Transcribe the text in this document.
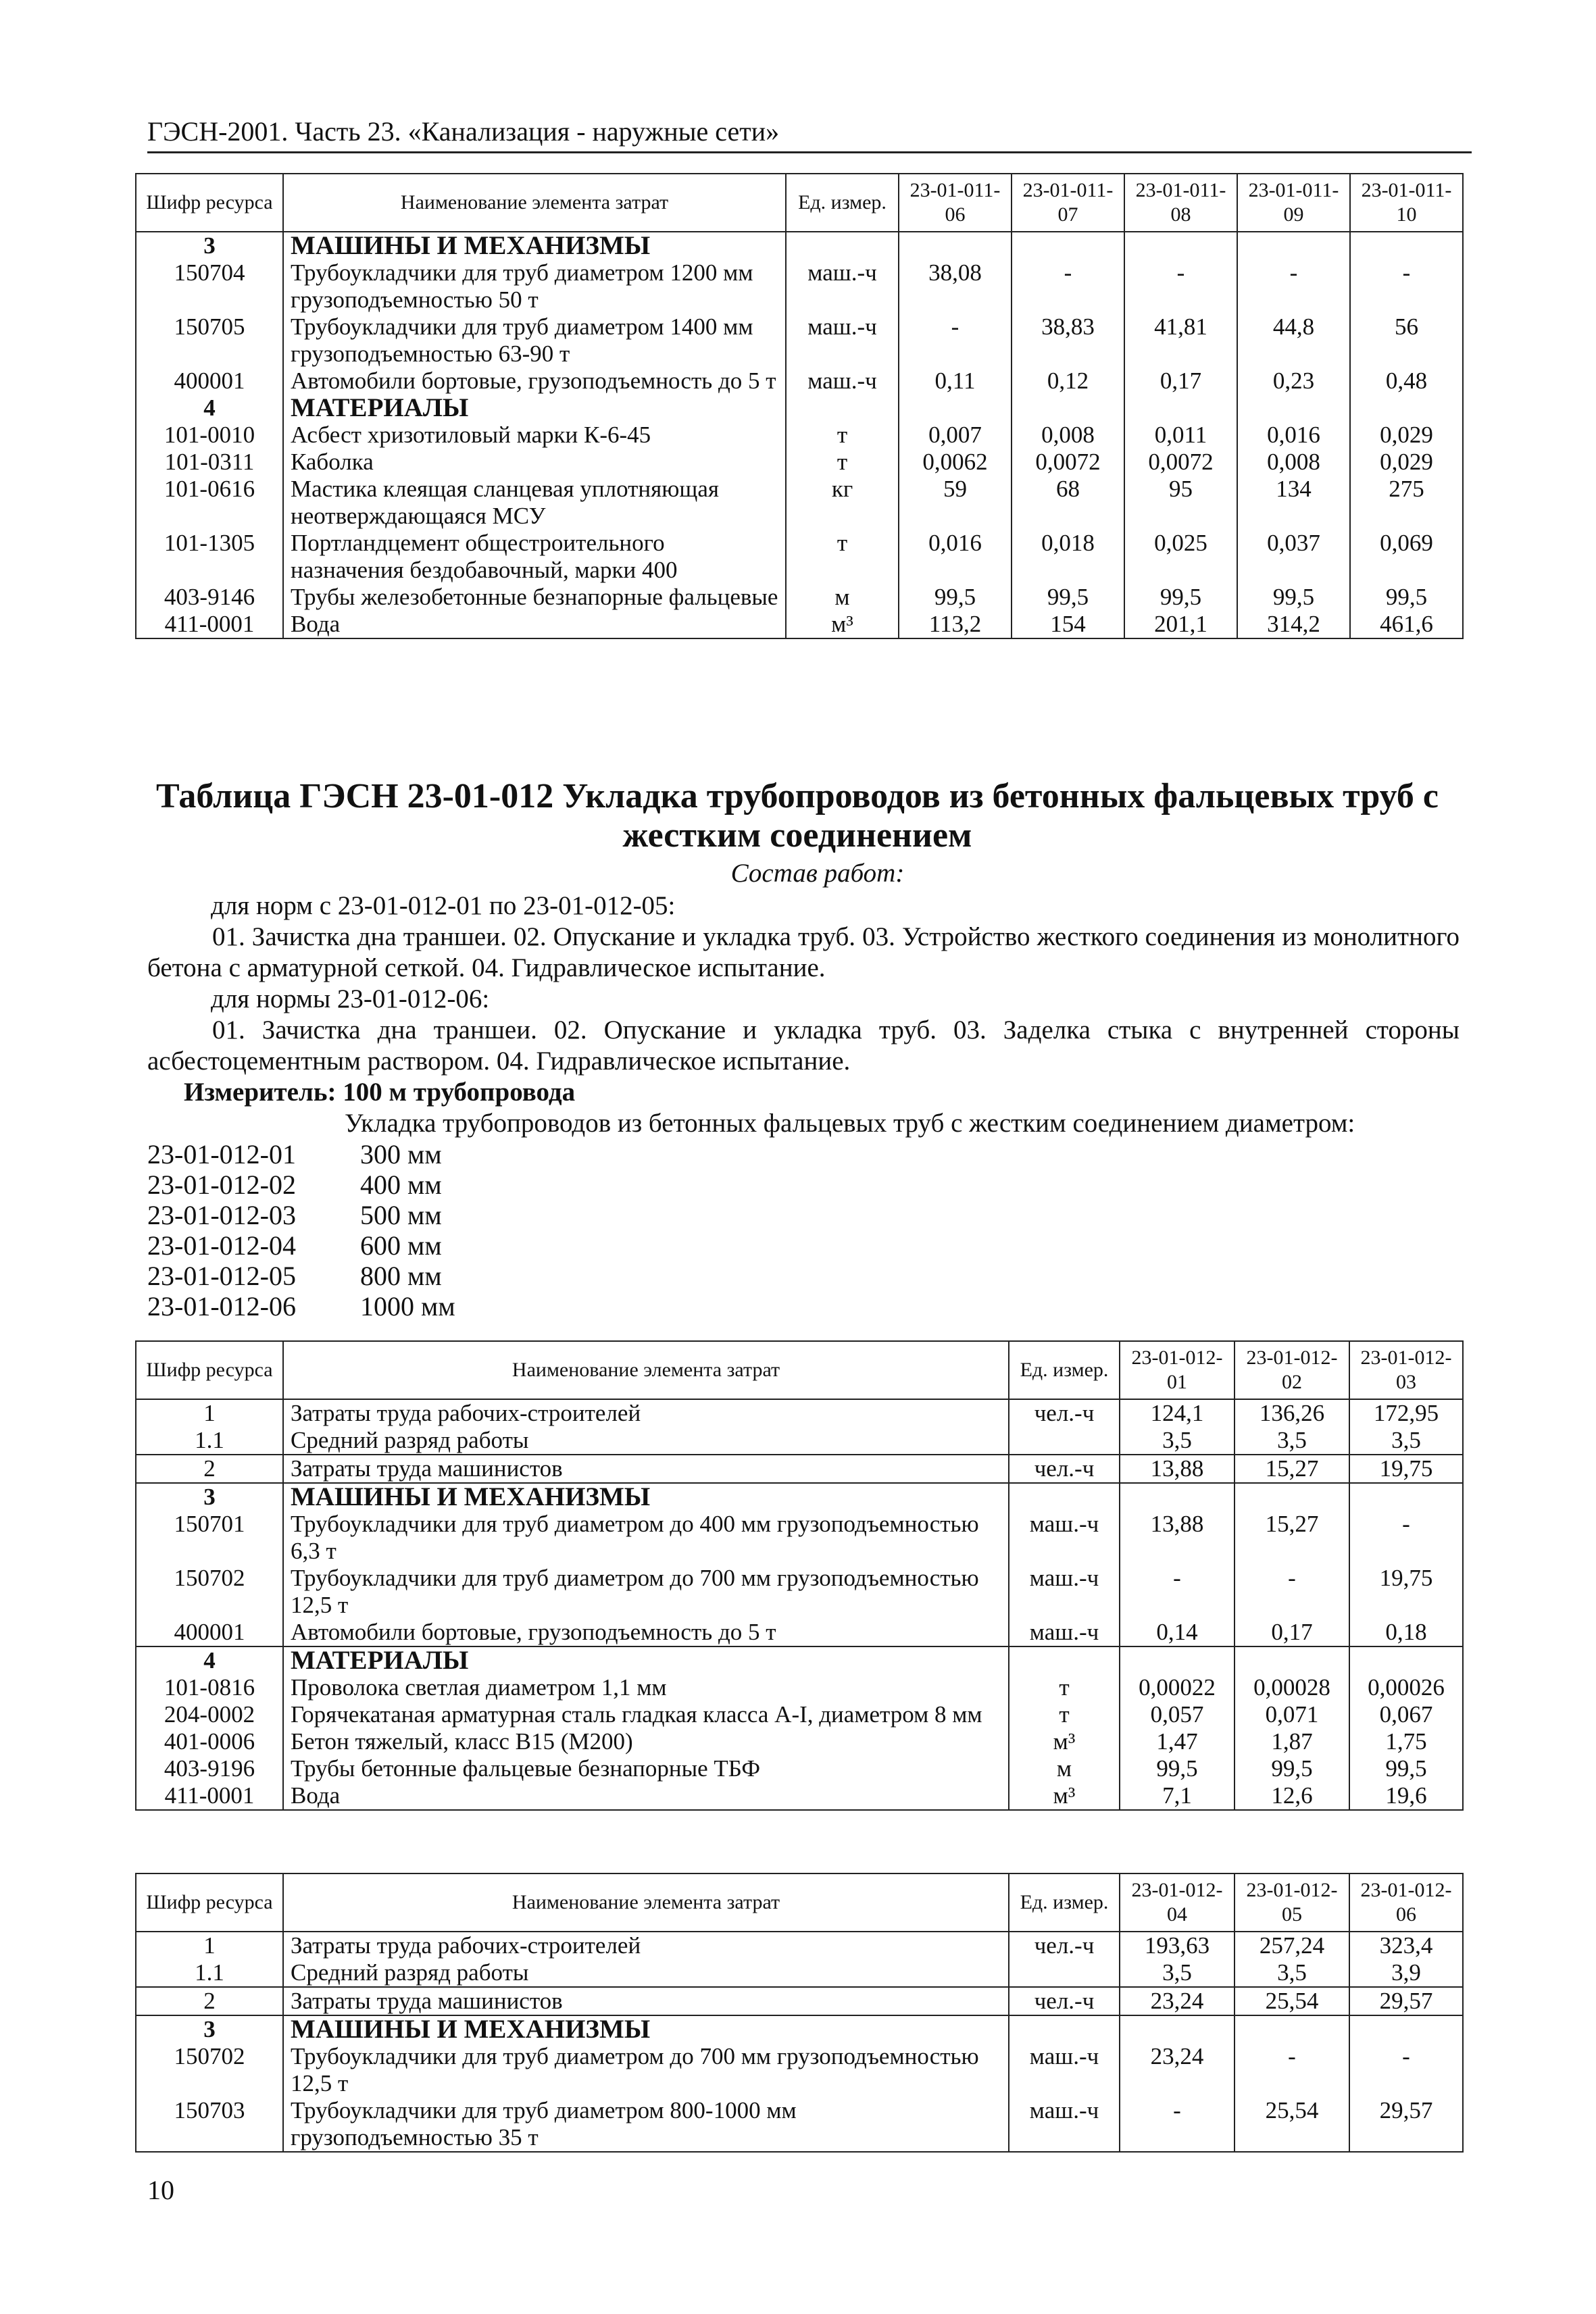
ГЭСН-2001. Часть 23. «Канализация - наружные сети»
Шифр ресурса	Наименование элемента затрат	Ед. измер.	23-01-011-06	23-01-011-07	23-01-011-08	23-01-011-09	23-01-011-10
3	МАШИНЫ И МЕХАНИЗМЫ						
150704	Трубоукладчики для труб диаметром 1200 мм грузоподъемностью 50 т	маш.-ч	38,08	-	-	-	-
150705	Трубоукладчики для труб диаметром 1400 мм грузоподъемностью 63-90 т	маш.-ч	-	38,83	41,81	44,8	56
400001	Автомобили бортовые, грузоподъемность до 5 т	маш.-ч	0,11	0,12	0,17	0,23	0,48
4	МАТЕРИАЛЫ						
101-0010	Асбест хризотиловый марки К-6-45	т	0,007	0,008	0,011	0,016	0,029
101-0311	Каболка	т	0,0062	0,0072	0,0072	0,008	0,029
101-0616	Мастика клеящая сланцевая уплотняющая неотверждающаяся МСУ	кг	59	68	95	134	275
101-1305	Портландцемент общестроительного назначения бездобавочный, марки 400	т	0,016	0,018	0,025	0,037	0,069
403-9146	Трубы железобетонные безнапорные фальцевые	м	99,5	99,5	99,5	99,5	99,5
411-0001	Вода	м³	113,2	154	201,1	314,2	461,6
Таблица ГЭСН 23-01-012 Укладка трубопроводов из бетонных фальцевых труб с жестким соединением
Состав работ:
для норм с 23-01-012-01 по 23-01-012-05:
01. Зачистка дна траншеи. 02. Опускание и укладка труб. 03. Устройство жесткого соединения из монолитного бетона с арматурной сеткой. 04. Гидравлическое испытание.
для нормы 23-01-012-06:
01. Зачистка дна траншеи. 02. Опускание и укладка труб. 03. Заделка стыка с внутренней стороны асбестоцементным раствором. 04. Гидравлическое испытание.
Измеритель: 100 м трубопровода
Укладка трубопроводов из бетонных фальцевых труб с жестким соединением диаметром:
23-01-012-01 300 мм
23-01-012-02 400 мм
23-01-012-03 500 мм
23-01-012-04 600 мм
23-01-012-05 800 мм
23-01-012-06 1000 мм
Шифр ресурса	Наименование элемента затрат	Ед. измер.	23-01-012-01	23-01-012-02	23-01-012-03
1	Затраты труда рабочих-строителей	чел.-ч	124,1	136,26	172,95
1.1	Средний разряд работы		3,5	3,5	3,5
2	Затраты труда машинистов	чел.-ч	13,88	15,27	19,75
3	МАШИНЫ И МЕХАНИЗМЫ				
150701	Трубоукладчики для труб диаметром до 400 мм грузоподъемностью 6,3 т	маш.-ч	13,88	15,27	-
150702	Трубоукладчики для труб диаметром до 700 мм грузоподъемностью 12,5 т	маш.-ч	-	-	19,75
400001	Автомобили бортовые, грузоподъемность до 5 т	маш.-ч	0,14	0,17	0,18
4	МАТЕРИАЛЫ				
101-0816	Проволока светлая диаметром 1,1 мм	т	0,00022	0,00028	0,00026
204-0002	Горячекатаная арматурная сталь гладкая класса А-I, диаметром 8 мм	т	0,057	0,071	0,067
401-0006	Бетон тяжелый, класс В15 (М200)	м³	1,47	1,87	1,75
403-9196	Трубы бетонные фальцевые безнапорные ТБФ	м	99,5	99,5	99,5
411-0001	Вода	м³	7,1	12,6	19,6
Шифр ресурса	Наименование элемента затрат	Ед. измер.	23-01-012-04	23-01-012-05	23-01-012-06
1	Затраты труда рабочих-строителей	чел.-ч	193,63	257,24	323,4
1.1	Средний разряд работы		3,5	3,5	3,9
2	Затраты труда машинистов	чел.-ч	23,24	25,54	29,57
3	МАШИНЫ И МЕХАНИЗМЫ				
150702	Трубоукладчики для труб диаметром до 700 мм грузоподъемностью 12,5 т	маш.-ч	23,24	-	-
150703	Трубоукладчики для труб диаметром 800-1000 мм грузоподъемностью 35 т	маш.-ч	-	25,54	29,57
10
